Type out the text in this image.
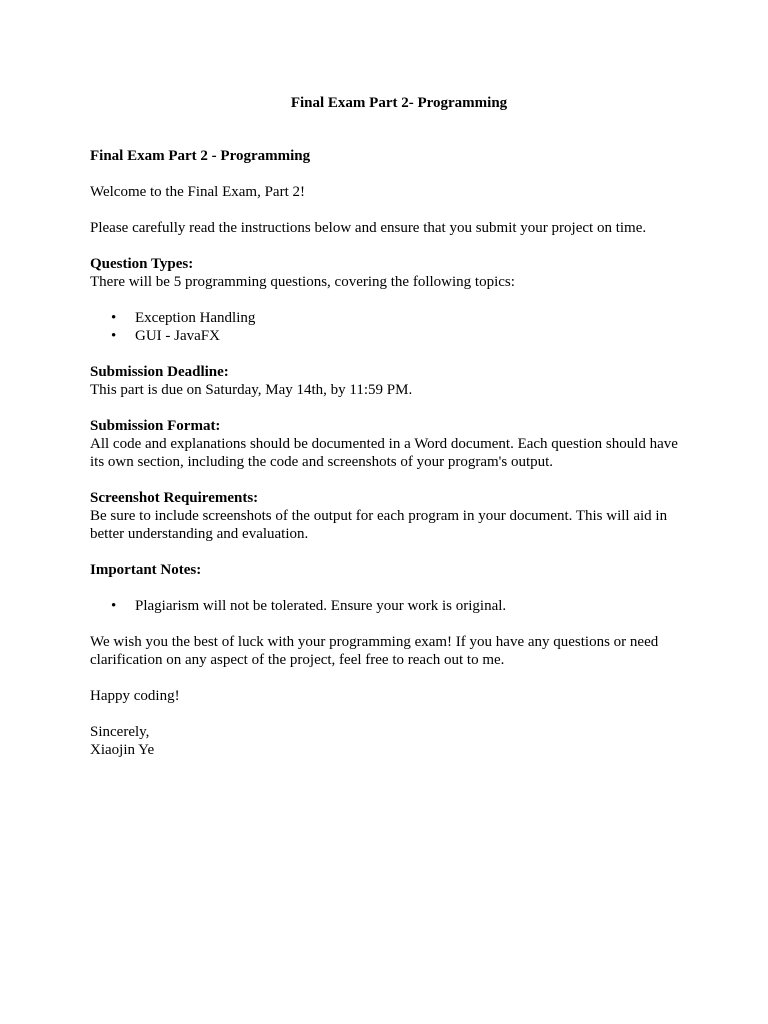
Final Exam Part 2- Programming
Final Exam Part 2 - Programming
Welcome to the Final Exam, Part 2!
Please carefully read the instructions below and ensure that you submit your project on time.
Question Types:
There will be 5 programming questions, covering the following topics:
• Exception Handling
• GUI - JavaFX
Submission Deadline:
This part is due on Saturday, May 14th, by 11:59 PM.
Submission Format:
All code and explanations should be documented in a Word document. Each question should have its own section, including the code and screenshots of your program's output.
Screenshot Requirements:
Be sure to include screenshots of the output for each program in your document. This will aid in better understanding and evaluation.
Important Notes:
• Plagiarism will not be tolerated. Ensure your work is original.
We wish you the best of luck with your programming exam! If you have any questions or need clarification on any aspect of the project, feel free to reach out to me.
Happy coding!
Sincerely,
Xiaojin Ye
